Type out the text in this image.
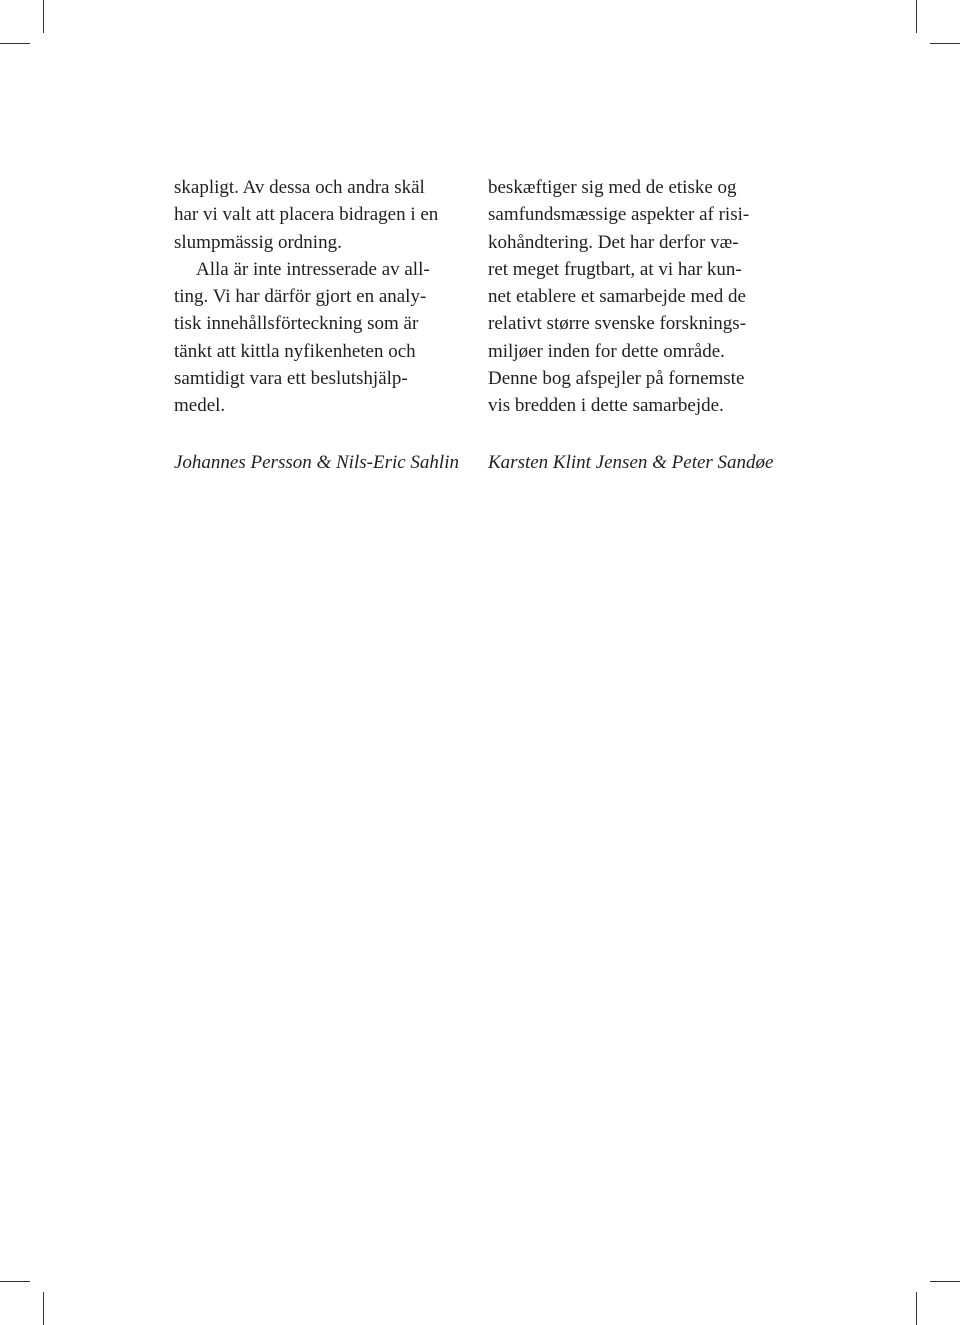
skapligt. Av dessa och andra skäl
har vi valt att placera bidragen i en
slumpmässig ordning.
Alla är inte intresserade av all-
ting. Vi har därför gjort en analy-
tisk innehållsförteckning som är
tänkt att kittla nyfikenheten och
samtidigt vara ett beslutshjälp-
medel.
Johannes Persson & Nils-Eric Sahlin
beskæftiger sig med de etiske og
samfundsmæssige aspekter af risi-
kohåndtering. Det har derfor væ-
ret meget frugtbart, at vi har kun-
net etablere et samarbejde med de
relativt større svenske forsknings-
miljøer inden for dette område.
Denne bog afspejler på fornemste
vis bredden i dette samarbejde.
Karsten Klint Jensen & Peter Sandøe
